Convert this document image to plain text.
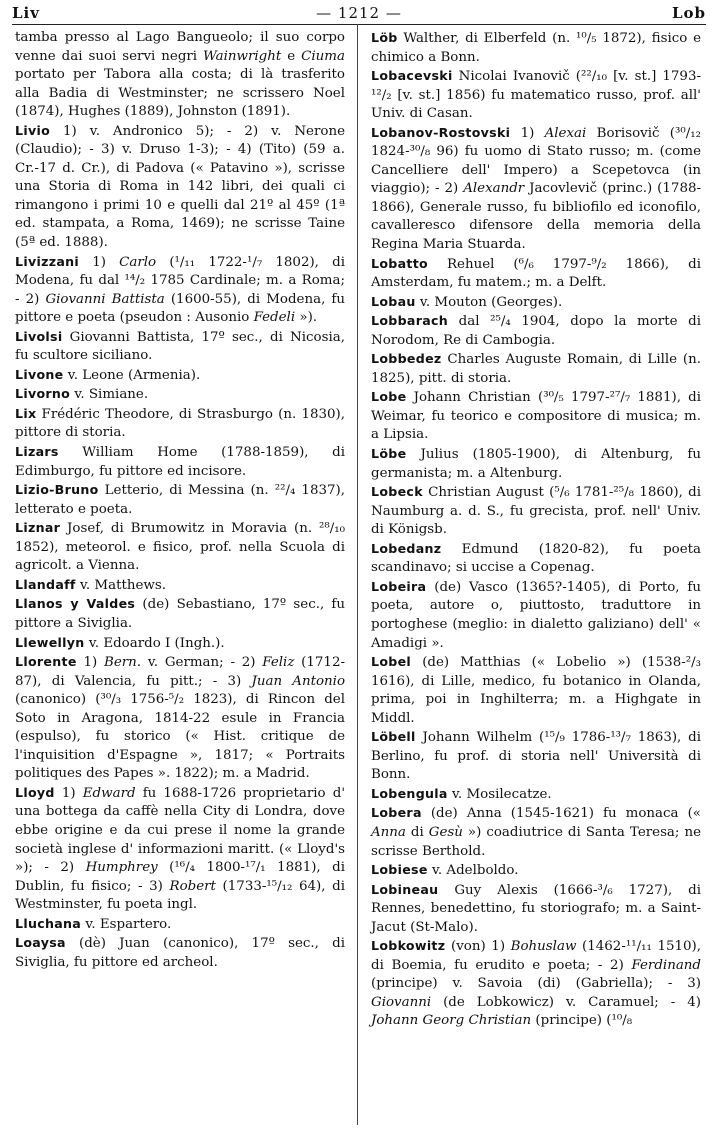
Liv	— 1212 —	Lob

tamba presso al Lago Bangueolo; il suo corpo venne dai suoi servi negri Wainwright e Ciuma portato per Tabora alla costa; di là trasferito alla Badia di Westminster; ne scrissero Noel (1874), Hughes (1889), Johnston (1891).

Livio 1) v. Andronico 5); - 2) v. Nerone (Claudio); - 3) v. Druso 1-3); - 4) (Tito) (59 a. Cr.-17 d. Cr.), di Padova (« Patavino »), scrisse una Storia di Roma in 142 libri, dei quali ci rimangono i primi 10 e quelli dal 21º al 45º (1ª ed. stampata, a Roma, 1469); ne scrisse Taine (5ª ed. 1888).

Livizzani 1) Carlo (¹/₁₁ 1722-¹/₇ 1802), di Modena, fu dal ¹⁴/₂ 1785 Cardinale; m. a Roma; - 2) Giovanni Battista (1600-55), di Modena, fu pittore e poeta (pseudon : Ausonio Fedeli »).

Livolsi Giovanni Battista, 17º sec., di Nicosia, fu scultore siciliano.

Livone v. Leone (Armenia).

Livorno v. Simiane.

Lix Frédéric Theodore, di Strasburgo (n. 1830), pittore di storia.

Lizars William Home (1788-1859), di Edimburgo, fu pittore ed incisore.

Lizio-Bruno Letterio, di Messina (n. ²²/₄ 1837), letterato e poeta.

Liznar Josef, di Brumowitz in Moravia (n. ²⁸/₁₀ 1852), meteorol. e fisico, prof. nella Scuola di agricolt. a Vienna.

Llandaff v. Matthews.

Llanos y Valdes (de) Sebastiano, 17º sec., fu pittore a Siviglia.

Llewellyn v. Edoardo I (Ingh.).

Llorente 1) Bern. v. German; - 2) Feliz (1712-87), di Valencia, fu pitt.; - 3) Juan Antonio (canonico) (³⁰/₃ 1756-⁵/₂ 1823), di Rincon del Soto in Aragona, 1814-22 esule in Francia (espulso), fu storico (« Hist. critique de l'inquisition d'Espagne », 1817; « Portraits politiques des Papes ». 1822); m. a Madrid.

Lloyd 1) Edward fu 1688-1726 proprietario d' una bottega da caffè nella City di Londra, dove ebbe origine e da cui prese il nome la grande società inglese d' informazioni maritt. (« Lloyd's »); - 2) Humphrey (¹⁶/₄ 1800-¹⁷/₁ 1881), di Dublin, fu fisico; - 3) Robert (1733-¹⁵/₁₂ 64), di Westminster, fu poeta ingl.

Lluchana v. Espartero.

Loaysa (dè) Juan (canonico), 17º sec., di Siviglia, fu pittore ed archeol.

Löb Walther, di Elberfeld (n. ¹⁰/₅ 1872), fisico e chimico a Bonn.

Lobacevski Nicolai Ivanovič (²²/₁₀ [v. st.] 1793-¹²/₂ [v. st.] 1856) fu matematico russo, prof. all' Univ. di Casan.

Lobanov-Rostovski 1) Alexai Borisovič (³⁰/₁₂ 1824-³⁰/₈ 96) fu uomo di Stato russo; m. (come Cancelliere dell' Impero) a Scepetovca (in viaggio); - 2) Alexandr Jacovlevič (princ.) (1788-1866), Generale russo, fu bibliofilo ed iconofilo, cavalleresco difensore della memoria della Regina Maria Stuarda.

Lobatto Rehuel (⁶/₆ 1797-⁹/₂ 1866), di Amsterdam, fu matem.; m. a Delft.

Lobau v. Mouton (Georges).

Lobbarach dal ²⁵/₄ 1904, dopo la morte di Norodom, Re di Cambogia.

Lobbedez Charles Auguste Romain, di Lille (n. 1825), pitt. di storia.

Lobe Johann Christian (³⁰/₅ 1797-²⁷/₇ 1881), di Weimar, fu teorico e compositore di musica; m. a Lipsia.

Löbe Julius (1805-1900), di Altenburg, fu germanista; m. a Altenburg.

Lobeck Christian August (⁵/₆ 1781-²⁵/₈ 1860), di Naumburg a. d. S., fu grecista, prof. nell' Univ. di Königsb.

Lobedanz Edmund (1820-82), fu poeta scandinavo; si uccise a Copenag.

Lobeira (de) Vasco (1365?-1405), di Porto, fu poeta, autore o, piuttosto, traduttore in portoghese (meglio: in dialetto galiziano) dell' « Amadigi ».

Lobel (de) Matthias (« Lobelio ») (1538-²/₃ 1616), di Lille, medico, fu botanico in Olanda, prima, poi in Inghilterra; m. a Highgate in Middl.

Löbell Johann Wilhelm (¹⁵/₉ 1786-¹³/₇ 1863), di Berlino, fu prof. di storia nell' Università di Bonn.

Lobengula v. Mosilecatze.

Lobera (de) Anna (1545-1621) fu monaca (« Anna di Gesù ») coadiutrice di Santa Teresa; ne scrisse Berthold.

Lobiese v. Adelboldo.

Lobineau Guy Alexis (1666-³/₆ 1727), di Rennes, benedettino, fu storiografo; m. a Saint-Jacut (St-Malo).

Lobkowitz (von) 1) Bohuslaw (1462-¹¹/₁₁ 1510), di Boemia, fu erudito e poeta; - 2) Ferdinand (principe) v. Savoia (di) (Gabriella); - 3) Giovanni (de Lobkowicz) v. Caramuel; - 4) Johann Georg Christian (principe) (¹⁰/₈
